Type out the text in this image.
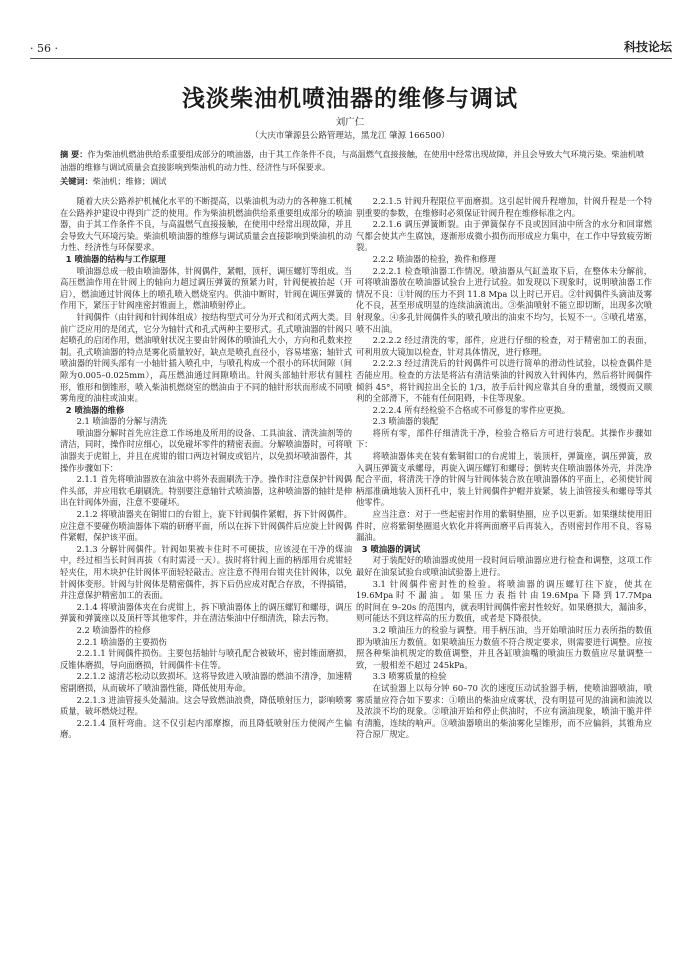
· 56 ·	科技论坛
浅淡柴油机喷油器的维修与调试
刘广仁
（大庆市肇源县公路管理站，黑龙江 肇源 166500）
摘 要：作为柴油机燃油供给系重要组成部分的喷油器，由于其工作条件不良，与高温燃气直接接触，在使用中经常出现故障，并且会导致大气环境污染。柴油机喷油器的维修与调试质量会直接影响到柴油机的动力性、经济性与环保要求。
关键词：柴油机；维修；调试

随着大庆公路养护机械化水平的不断提高，以柴油机为动力的各种施工机械在公路养护建设中得到广泛的使用。作为柴油机燃油供给系重要组成部分的喷油器，由于其工作条件不良，与高温燃气直接接触，在使用中经常出现故障，并且会导致大气环境污染。柴油机喷油器的维修与调试质量会直接影响到柴油机的动力性、经济性与环保要求。

1 喷油器的结构与工作原理

喷油器总成一般由喷油器体，针阀偶件，紧帽，顶杆，调压螺钉等组成。当高压燃油作用在针阀上的轴向力超过调压弹簧的预紧力时，针阀便被抬起（开启），燃油通过针阀体上的喷孔喷入燃烧室内。供油中断时，针阀在调压弹簧的作用下，紧压于针阀座密封锥面上，燃油喷射停止。

针阀偶件（由针阀和针阀体组成）按结构型式可分为开式和闭式两大类。目前广泛应用的是闭式，它分为轴针式和孔式两种主要形式。孔式喷油器的针阀只起喷孔的启闭作用，燃油喷射状况主要由针阀体的喷油孔大小，方向和孔数来控制。孔式喷油器的特点是雾化质量较好，缺点是喷孔直径小，容易堵塞；轴针式喷油器的针阀头部有一小轴针插入喷孔中，与喷孔构成一个很小的环状间隙（间隙为0.005–0.025mm），高压燃油通过间隙喷出。针阀头部轴针形状有圆柱形，锥形和倒锥形，喷入柴油机燃烧室的燃油由于不同的轴针形状而形成不同喷雾角度的油柱或油束。

2 喷油器的维修

2.1 喷油器的分解与清洗

喷油器分解时首先应注意工作场地及所用的设备、工具油盆、清洗油剂等的清洁，同时，操作时应细心，以免碰坏零件的精密表面。分解喷油器时，可将喷油器夹于虎钳上，并且在虎钳的钳口两边衬铜皮或铝片，以免损坏喷油器件，其操作步骤如下：

2.1.1 首先将喷油器放在油盆中将外表面刷洗干净。操作时注意保护针阀偶件头部，并应用软毛刷刷洗。特别要注意轴针式喷油器，这种喷油器的轴针是伸出在针阀体外面，注意不要碰坏。

2.1.2 将喷油器夹在铜钳口的台钳上，旋下针阀偶件紧帽，拆下针阀偶件。应注意不要碰伤喷油器体下端的研磨平面，所以在拆下针阀偶件后应旋上针阀偶件紧帽，保护该平面。

2.1.3 分解针阀偶件。针阀如果被卡住时不可硬拔，应该浸在干净的煤油中，经过相当长时间再拔（有时需浸一天）。拔时将针阀上面的柄部用台虎钳轻轻夹住，用木块护住针阀体平面轻轻敲击。应注意不得用台钳夹住针阀体，以免针阀体变形。针阀与针阀体是精密偶件，拆下后仍应成对配合存放，不得搞错，并注意保护精密加工的表面。

2.1.4 将喷油器体夹在台虎钳上，拆下喷油器体上的调压螺钉和螺母，调压弹簧和弹簧座以及顶杆等其他零件，并在清洁柴油中仔细清洗，除去污物。

2.2 喷油器件的检修

2.2.1 喷油器的主要损伤

2.2.1.1 针阀偶件损伤。主要包括轴针与喷孔配合被破坏，密封锥面磨损，反锥体磨损，导向面磨损，针阀偶件卡住等。

2.2.1.2 滤清芯松动以致损坏。这将导致进入喷油器的燃油不清净，加速精密副磨损，从而破坏了喷油器性能，降低使用寿命。

2.2.1.3 进油管接头处漏油。这会导致燃油浪费，降低喷射压力，影响喷雾质量，破坏燃烧过程。

2.2.1.4 顶杆弯曲。这不仅引起内部摩擦，而且降低喷射压力使阀产生偏磨。

2.2.1.5 针阀升程限位平面磨损。这引起针阀升程增加，针阀升程是一个特别重要的参数，在维修时必须保证针阀升程在维修标准之内。

2.2.1.6 调压弹簧断裂。由于弹簧保存不良或因回油中所含的水分和回窜燃气都会使其产生腐蚀，逐渐形成微小损伤而形成应力集中，在工作中导致疲劳断裂。

2.2.2 喷油器的检验，换件和修理

2.2.2.1 检查喷油器工作情况。喷油器从气缸盖取下后，在整体未分解前，可将喷油器放在喷油器试验台上进行试验。如发现以下现象时，说明喷油器工作情况不良：①针阀的压力不到 11.8 Mpa 以上时已开启。②针阀偶件头滴油及雾化不良，甚至形成明显的连续油滴流出。③柴油喷射不能立即切断，出现多次喷射现象。④多孔针阀偶件头的喷孔喷出的油束不均匀，长短不一。⑤喷孔堵塞，喷不出油。

2.2.2.2 经过清洗的零，部件，应进行仔细的检查，对于精密加工的表面，可利用放大镜加以检查，针对具体情况，进行修理。

2.2.2.3 经过清洗后的针阀偶件可以进行简单的滑动性试验，以检查偶件是否能应用。检查的方法是将沾有清洁柴油的针阀放入针阀体内，然后将针阀偶件倾斜 45°，将针阀拉出全长的 1/3，放手后针阀应靠其自身的重量，缓慢而又顺利的全部滑下，不能有任何阻碍，卡住等现象。

2.2.2.4 所有经检验不合格或不可修复的零件应更换。

2.3 喷油器的装配

将所有零，部件仔细清洗干净，检验合格后方可进行装配。其操作步骤如下：

将喷油器体夹在装有紫铜钳口的台虎钳上，装顶杆，弹簧座，调压弹簧，放入调压弹簧支承螺母，再旋入调压螺钉和螺母；倒转夹住喷油器体外壳，并洗净配合平面，将清洗干净的针阀与针阀体装合放在喷油器体的平面上，必须使针阀柄部准确地装入顶杆孔中，装上针阀偶件护帽并旋紧，装上油管接头和螺母等其他零件。

应当注意：对于一些起密封作用的紫铜垫圈，应予以更新。如果继续使用旧件时，应将紫铜垫圈退火软化并将两面磨平后再装入，否则密封作用不良，容易漏油。

3 喷油器的调试

对于装配好的喷油器或使用一段时间后喷油器应进行检查和调整，这项工作最好在油泵试验台或喷油试验器上进行。

3.1 针阀偶件密封性的检验。将喷油器的调压螺钉往下旋，使其在 19.6Mpa 时 不 漏 油 。 如 果 压 力 表 指 针 由 19.6Mpa 下 降 到 17.7Mpa 的时间在 9–20s 的范围内，就表明针阀偶件密封性较好。如果磨损大，漏油多，则可能达不到这样高的压力数值，或者是下降很快。

3.2 喷油压力的检验与调整。用手柄压油，当开始喷油时压力表所指的数值即为喷油压力数值。如果喷油压力数值不符合规定要求，则需要进行调整。应按照各种柴油机规定的数值调整，并且各缸喷油嘴的喷油压力数值应尽量调整一致，一般相差不超过 245kPa。

3.3 喷雾质量的检验

在试验器上以每分钟 60–70 次的速度压动试验器手柄，使喷油器喷油，喷雾质量应符合如下要求：①喷出的柴油应成雾状，没有明显可见的油滴和油流以及浓淡不均的现象。②喷油开始和停止供油时，不应有滴油现象，喷油干脆并伴有清脆，连续的响声。③喷油器喷出的柴油雾化呈锥形，而不应偏斜，其锥角应符合原厂规定。
